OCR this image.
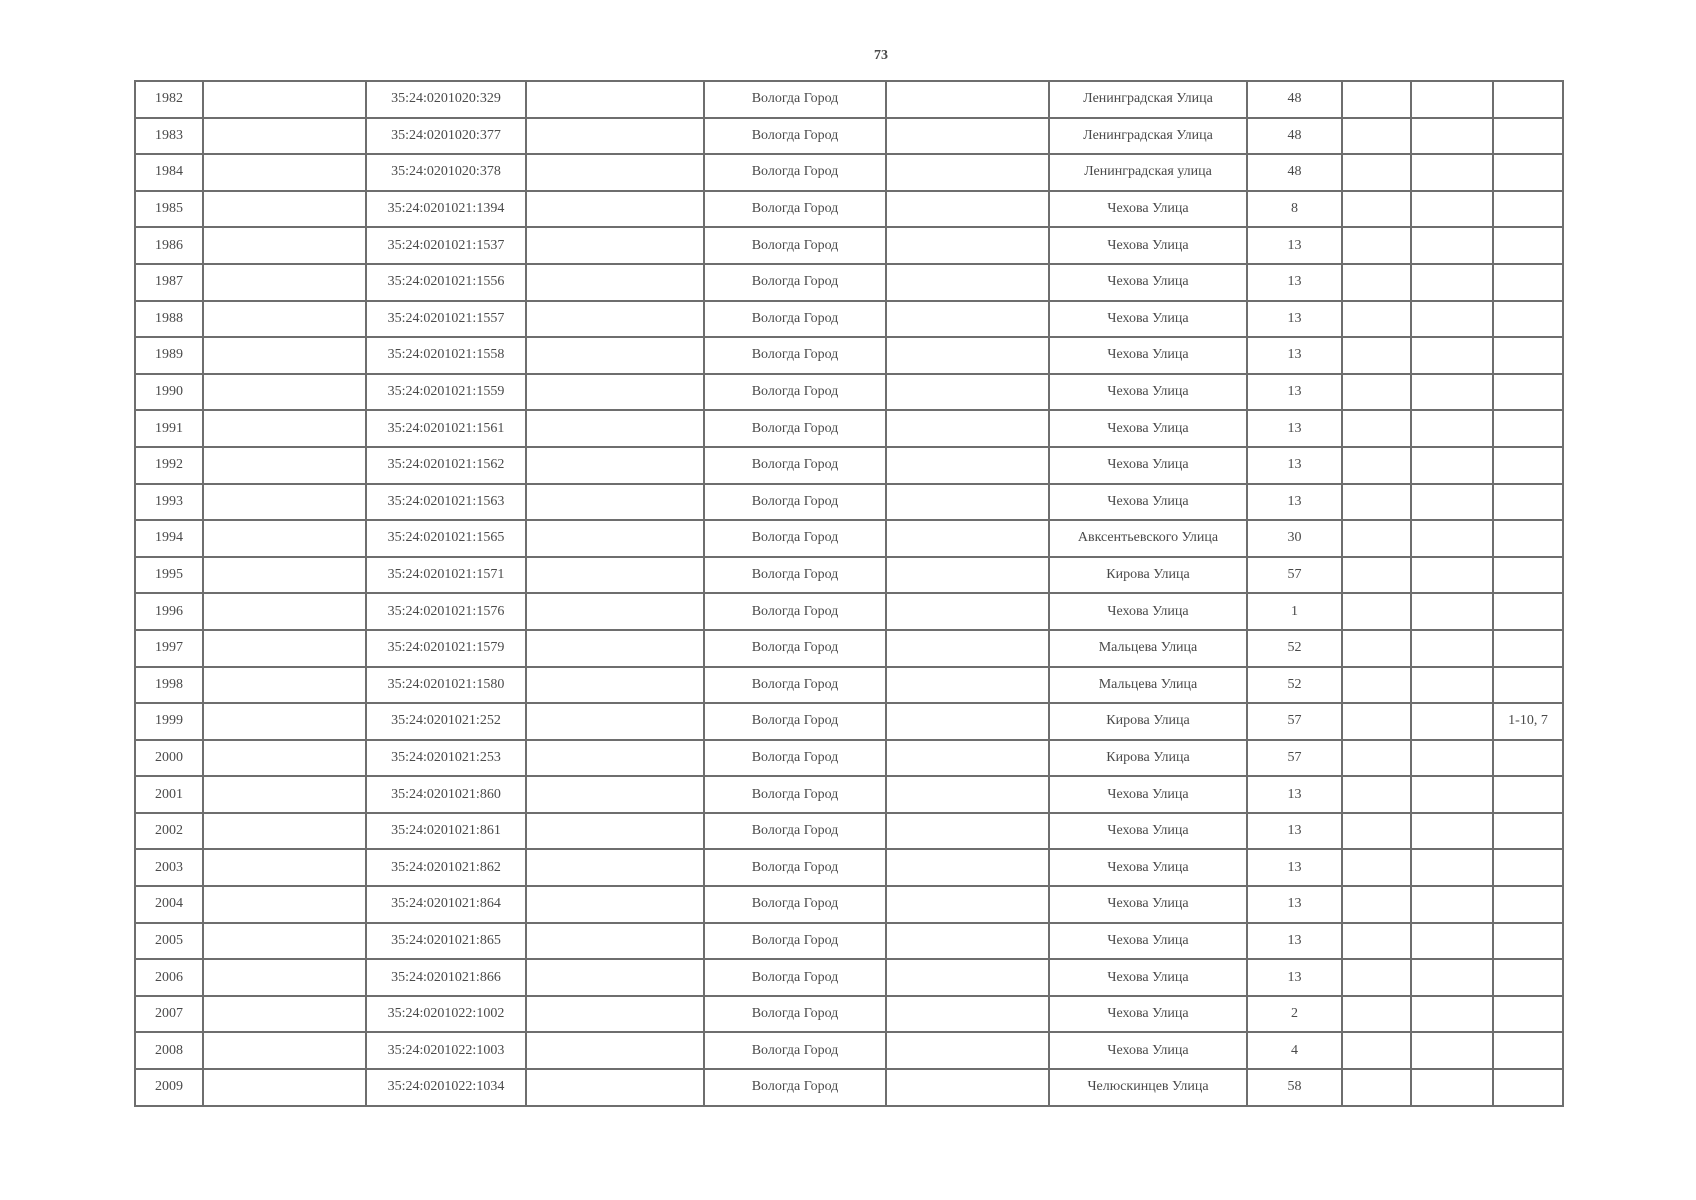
73
1982		35:24:0201020:329		Вологда Город		Ленинградская Улица	48			
1983		35:24:0201020:377		Вологда Город		Ленинградская Улица	48			
1984		35:24:0201020:378		Вологда Город		Ленинградская улица	48			
1985		35:24:0201021:1394		Вологда Город		Чехова Улица	8			
1986		35:24:0201021:1537		Вологда Город		Чехова Улица	13			
1987		35:24:0201021:1556		Вологда Город		Чехова Улица	13			
1988		35:24:0201021:1557		Вологда Город		Чехова Улица	13			
1989		35:24:0201021:1558		Вологда Город		Чехова Улица	13			
1990		35:24:0201021:1559		Вологда Город		Чехова Улица	13			
1991		35:24:0201021:1561		Вологда Город		Чехова Улица	13			
1992		35:24:0201021:1562		Вологда Город		Чехова Улица	13			
1993		35:24:0201021:1563		Вологда Город		Чехова Улица	13			
1994		35:24:0201021:1565		Вологда Город		Авксентьевского Улица	30			
1995		35:24:0201021:1571		Вологда Город		Кирова Улица	57			
1996		35:24:0201021:1576		Вологда Город		Чехова Улица	1			
1997		35:24:0201021:1579		Вологда Город		Мальцева Улица	52			
1998		35:24:0201021:1580		Вологда Город		Мальцева Улица	52			
1999		35:24:0201021:252		Вологда Город		Кирова Улица	57			1-10, 7
2000		35:24:0201021:253		Вологда Город		Кирова Улица	57			
2001		35:24:0201021:860		Вологда Город		Чехова Улица	13			
2002		35:24:0201021:861		Вологда Город		Чехова Улица	13			
2003		35:24:0201021:862		Вологда Город		Чехова Улица	13			
2004		35:24:0201021:864		Вологда Город		Чехова Улица	13			
2005		35:24:0201021:865		Вологда Город		Чехова Улица	13			
2006		35:24:0201021:866		Вологда Город		Чехова Улица	13			
2007		35:24:0201022:1002		Вологда Город		Чехова Улица	2			
2008		35:24:0201022:1003		Вологда Город		Чехова Улица	4			
2009		35:24:0201022:1034		Вологда Город		Челюскинцев Улица	58			
